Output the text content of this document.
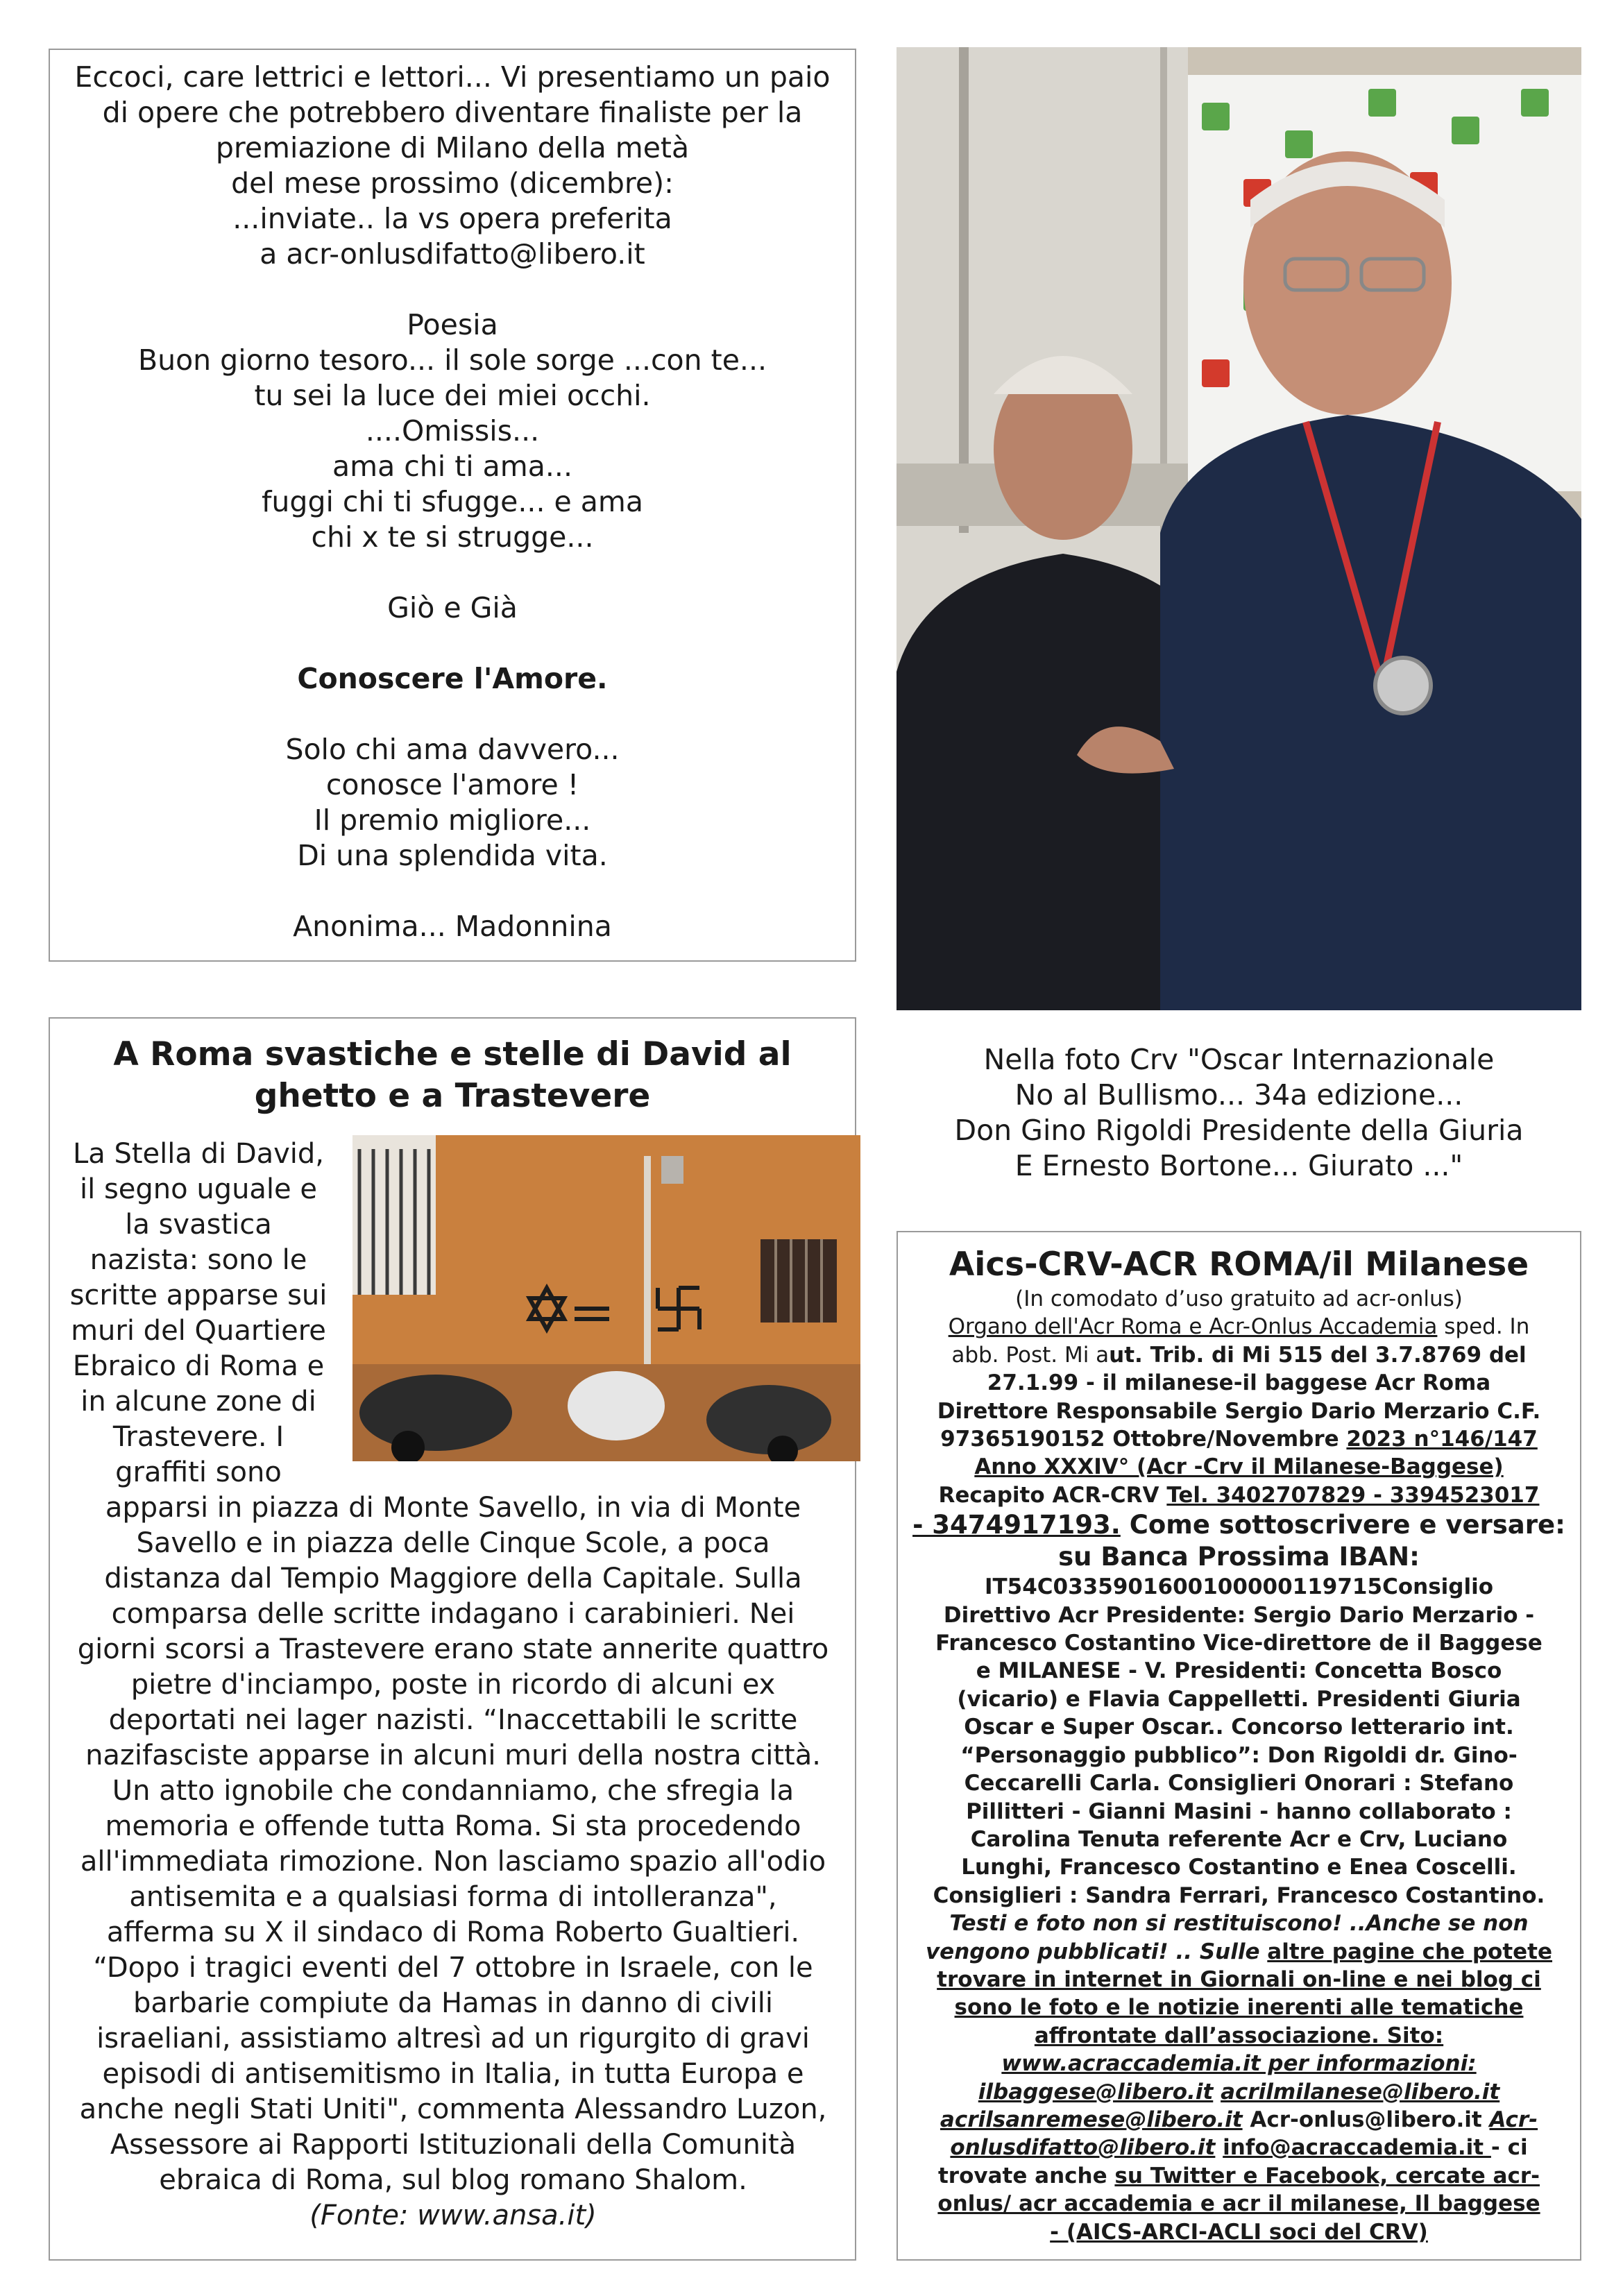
Eccoci, care lettrici e lettori... Vi presentiamo un paio
di opere che potrebbero diventare finaliste per la
premiazione di Milano della metà
del mese prossimo (dicembre):
...inviate.. la vs opera preferita
a acr-onlusdifatto@libero.it
Poesia
Buon giorno tesoro... il sole sorge ...con te...
tu sei la luce dei miei occhi.
....Omissis...
ama chi ti ama...
fuggi chi ti sfugge... e ama
chi x te si strugge...
Giò e Già
Conoscere l'Amore.
Solo chi ama davvero...
conosce l'amore !
Il premio migliore...
Di una splendida vita.
Anonima... Madonnina
Nella foto Crv "Oscar Internazionale
No al Bullismo... 34a edizione...
Don Gino Rigoldi Presidente della Giuria
E Ernesto Bortone... Giurato ..."
A Roma svastiche e stelle di David al
ghetto e a Trastevere
La Stella di David,
il segno uguale e
la svastica
nazista: sono le
scritte apparse sui
muri del Quartiere
Ebraico di Roma e
in alcune zone di
Trastevere. I
graffiti sono
apparsi in piazza di Monte Savello, in via di Monte
Savello e in piazza delle Cinque Scole, a poca
distanza dal Tempio Maggiore della Capitale. Sulla
comparsa delle scritte indagano i carabinieri. Nei
giorni scorsi a Trastevere erano state annerite quattro
pietre d'inciampo, poste in ricordo di alcuni ex
deportati nei lager nazisti. “Inaccettabili le scritte
nazifasciste apparse in alcuni muri della nostra città.
Un atto ignobile che condanniamo, che sfregia la
memoria e offende tutta Roma. Si sta procedendo
all'immediata rimozione. Non lasciamo spazio all'odio
antisemita e a qualsiasi forma di intolleranza",
afferma su X il sindaco di Roma Roberto Gualtieri.
“Dopo i tragici eventi del 7 ottobre in Israele, con le
barbarie compiute da Hamas in danno di civili
israeliani, assistiamo altresì ad un rigurgito di gravi
episodi di antisemitismo in Italia, in tutta Europa e
anche negli Stati Uniti", commenta Alessandro Luzon,
Assessore ai Rapporti Istituzionali della Comunità
ebraica di Roma, sul blog romano Shalom.
(Fonte: www.ansa.it)
Aics-CRV-ACR ROMA/il Milanese
(In comodato d’uso gratuito ad acr-onlus)
Organo dell'Acr Roma e Acr-Onlus Accademia sped. In
abb. Post. Mi aut. Trib. di Mi 515 del 3.7.8769 del
27.1.99 - il milanese-il baggese Acr Roma
Direttore Responsabile Sergio Dario Merzario C.F.
97365190152 Ottobre/Novembre 2023 n°146/147
Anno XXXIV° (Acr -Crv il Milanese-Baggese)
Recapito ACR-CRV Tel. 3402707829 - 3394523017
- 3474917193. Come sottoscrivere e versare:
su Banca Prossima IBAN:
IT54C0335901600100000119715Consiglio
Direttivo Acr Presidente: Sergio Dario Merzario -
Francesco Costantino Vice-direttore de il Baggese
e MILANESE - V. Presidenti: Concetta Bosco
(vicario) e Flavia Cappelletti. Presidenti Giuria
Oscar e Super Oscar.. Concorso letterario int.
“Personaggio pubblico”: Don Rigoldi dr. Gino-
Ceccarelli Carla. Consiglieri Onorari : Stefano
Pillitteri - Gianni Masini - hanno collaborato :
Carolina Tenuta referente Acr e Crv, Luciano
Lunghi, Francesco Costantino e Enea Coscelli.
Consiglieri : Sandra Ferrari, Francesco Costantino.
Testi e foto non si restituiscono! ..Anche se non
vengono pubblicati! .. Sulle altre pagine che potete
trovare in internet in Giornali on-line e nei blog ci
sono le foto e le notizie inerenti alle tematiche
affrontate dall’associazione. Sito:
www.acraccademia.it per informazioni:
ilbaggese@libero.it acrilmilanese@libero.it
acrilsanremese@libero.it Acr-onlus@libero.it Acr-
onlusdifatto@libero.it info@acraccademia.it - ci
trovate anche su Twitter e Facebook, cercate acr-
onlus/ acr accademia e acr il milanese, Il baggese
- (AICS-ARCI-ACLI soci del CRV)
